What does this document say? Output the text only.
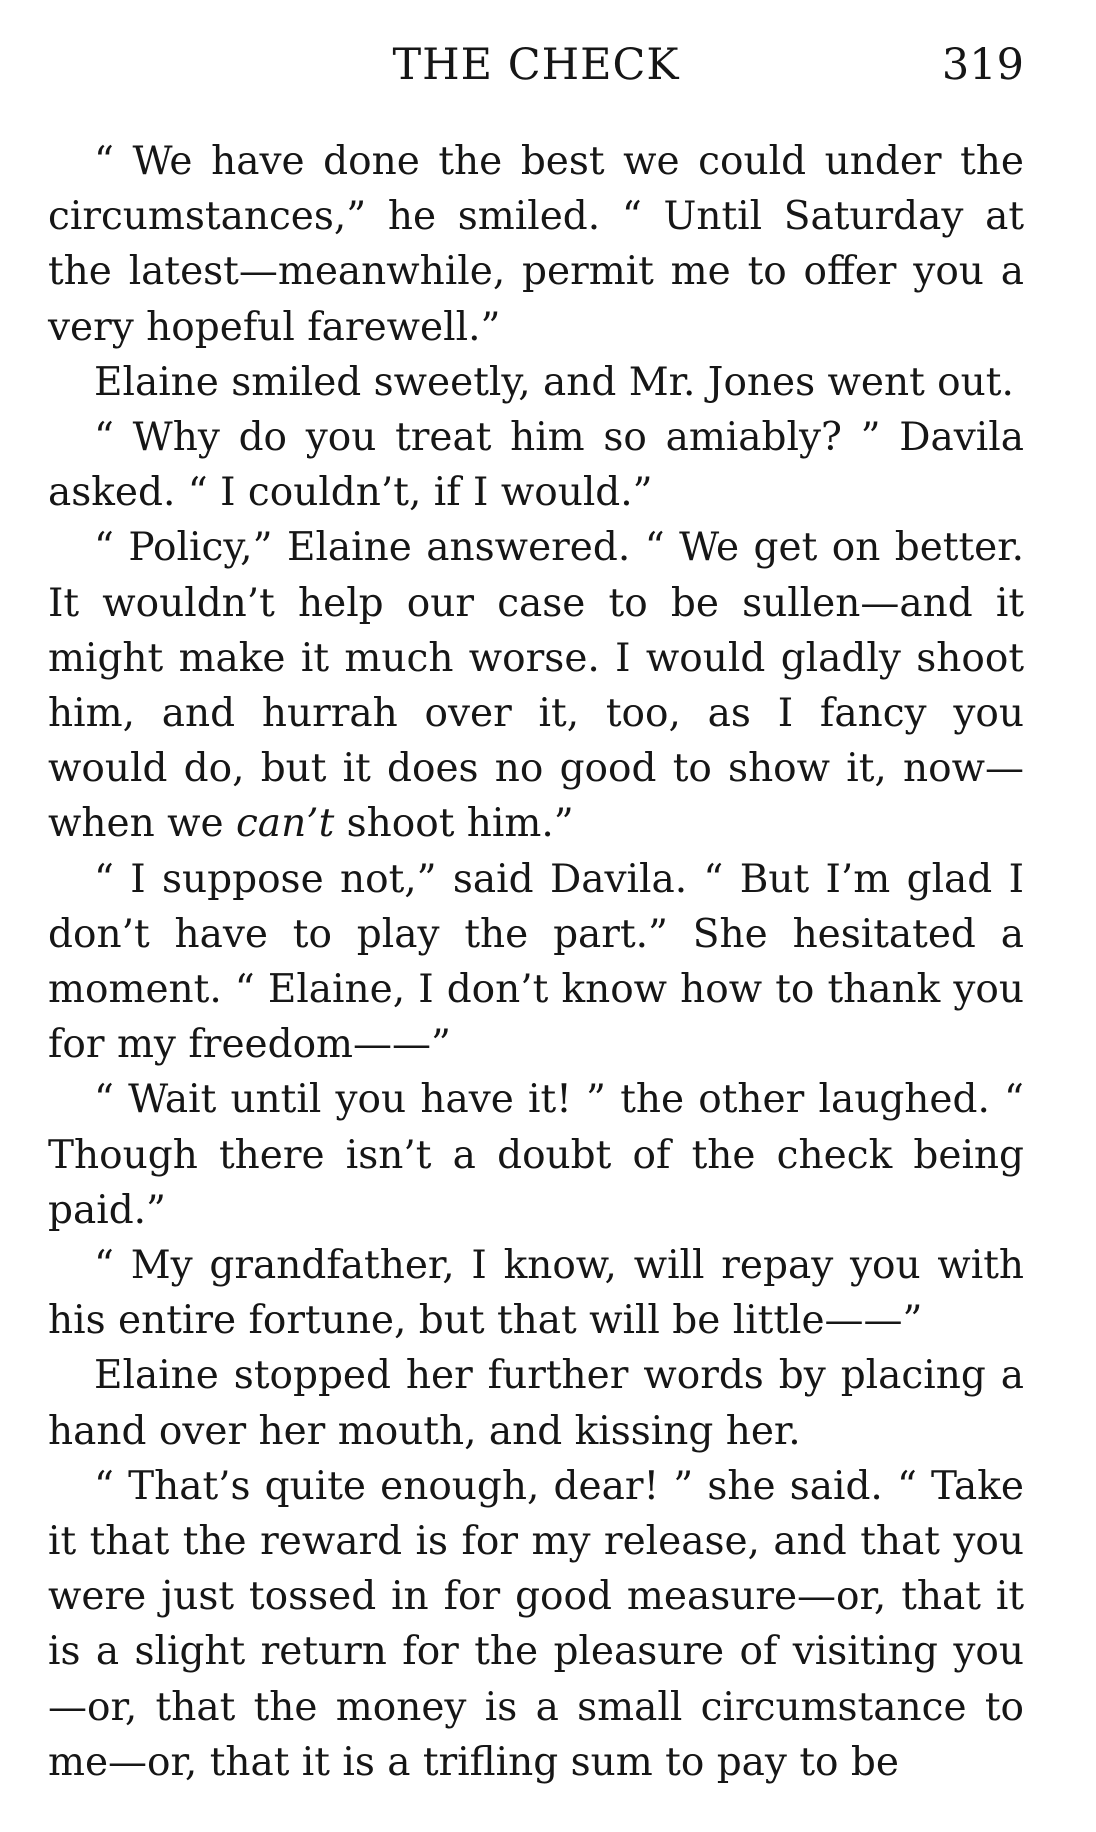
THE CHECK	319

“ We have done the best we could under the circumstances,” he smiled. “ Until Saturday at the latest—meanwhile, permit me to offer you a very hopeful farewell.”

Elaine smiled sweetly, and Mr. Jones went out.

“ Why do you treat him so amiably? ” Davila asked. “ I couldn’t, if I would.”

“ Policy,” Elaine answered. “ We get on better. It wouldn’t help our case to be sullen—and it might make it much worse. I would gladly shoot him, and hurrah over it, too, as I fancy you would do, but it does no good to show it, now—when we can’t shoot him.”

“ I suppose not,” said Davila. “ But I’m glad I don’t have to play the part.” She hesitated a moment. “ Elaine, I don’t know how to thank you for my freedom——”

“ Wait until you have it! ” the other laughed. “ Though there isn’t a doubt of the check being paid.”

“ My grandfather, I know, will repay you with his entire fortune, but that will be little——”

Elaine stopped her further words by placing a hand over her mouth, and kissing her.

“ That’s quite enough, dear! ” she said. “ Take it that the reward is for my release, and that you were just tossed in for good measure—or, that it is a slight return for the pleasure of visiting you—or, that the money is a small circumstance to me—or, that it is a trifling sum to pay to be
